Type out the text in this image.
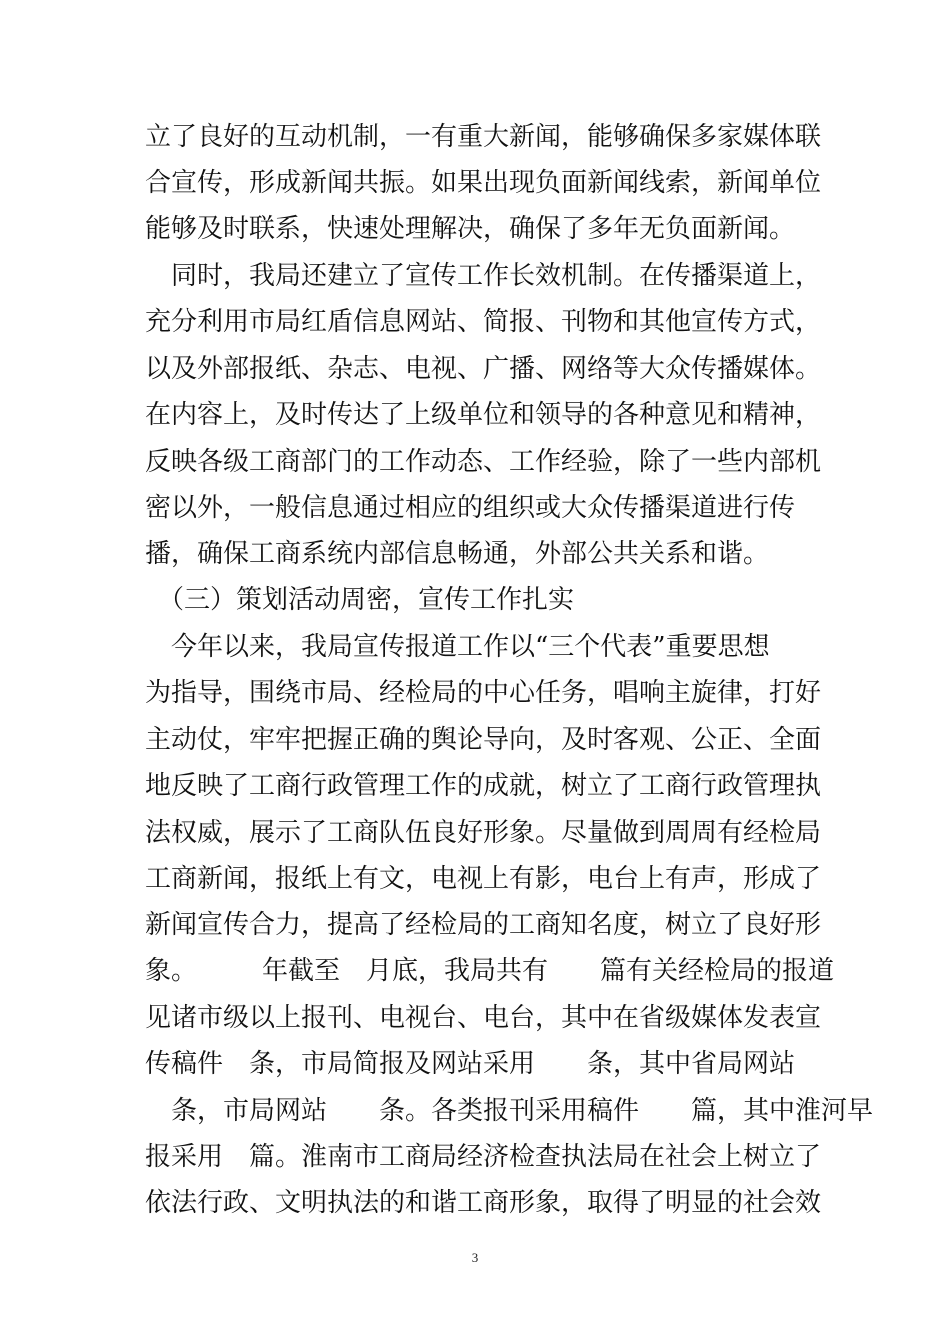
立了良好的互动机制，一有重大新闻，能够确保多家媒体联
合宣传，形成新闻共振。如果出现负面新闻线索，新闻单位
能够及时联系，快速处理解决，确保了多年无负面新闻。
　同时，我局还建立了宣传工作长效机制。在传播渠道上，
充分利用市局红盾信息网站、简报、刊物和其他宣传方式，
以及外部报纸、杂志、电视、广播、网络等大众传播媒体。
在内容上，及时传达了上级单位和领导的各种意见和精神，
反映各级工商部门的工作动态、工作经验，除了一些内部机
密以外，一般信息通过相应的组织或大众传播渠道进行传
播，确保工商系统内部信息畅通，外部公共关系和谐。
　（三）策划活动周密，宣传工作扎实
　今年以来，我局宣传报道工作以“三个代表”重要思想
为指导，围绕市局、经检局的中心任务，唱响主旋律，打好
主动仗，牢牢把握正确的舆论导向，及时客观、公正、全面
地反映了工商行政管理工作的成就，树立了工商行政管理执
法权威，展示了工商队伍良好形象。尽量做到周周有经检局
工商新闻，报纸上有文，电视上有影，电台上有声，形成了
新闻宣传合力，提高了经检局的工商知名度，树立了良好形
象。　　　年截至　月底，我局共有　　篇有关经检局的报道
见诸市级以上报刊、电视台、电台，其中在省级媒体发表宣
传稿件　条，市局简报及网站采用　　条，其中省局网站
　条，市局网站　　条。各类报刊采用稿件　　篇，其中淮河早
报采用　篇。淮南市工商局经济检查执法局在社会上树立了
依法行政、文明执法的和谐工商形象，取得了明显的社会效
3
